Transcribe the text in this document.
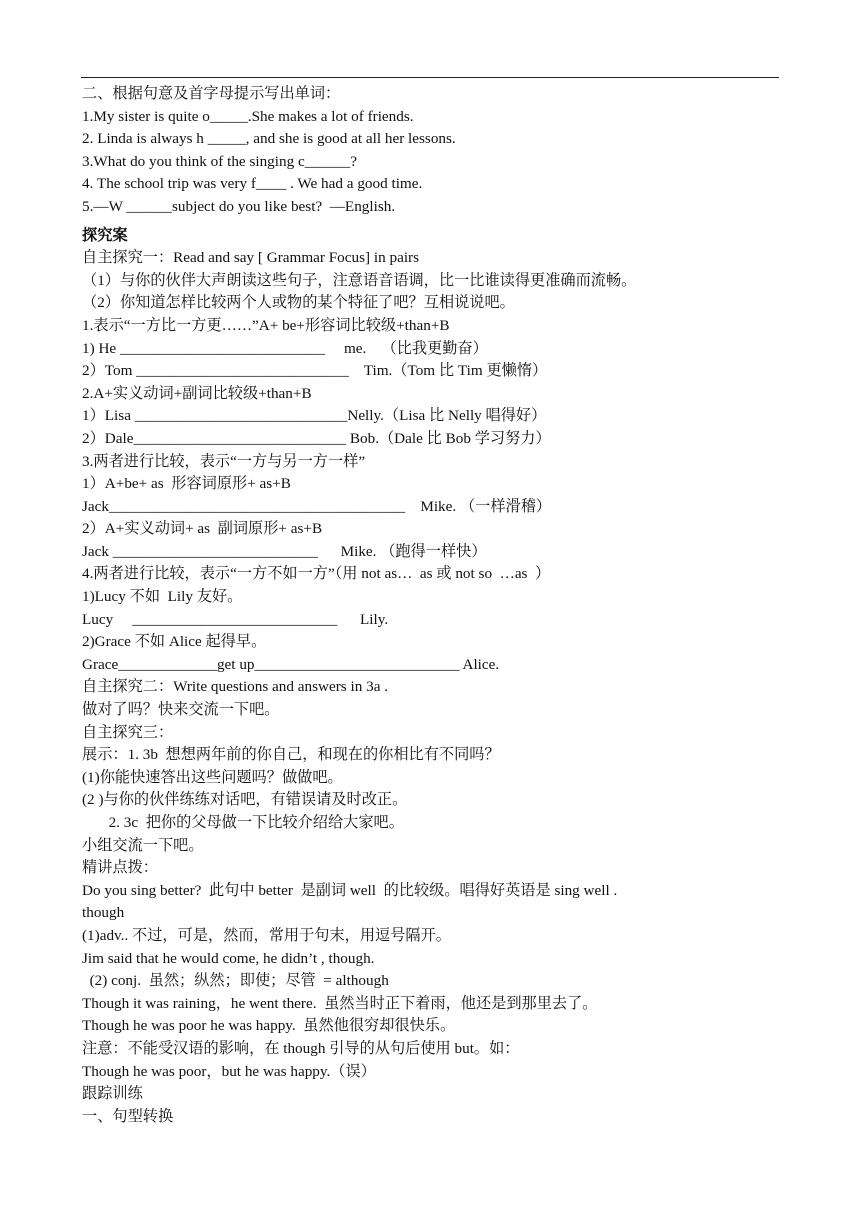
二、根据句意及首字母提示写出单词：
1.My sister is quite o_____.She makes a lot of friends.
2. Linda is always h _____, and she is good at all her lessons.
3.What do you think of the singing c______?
4. The school trip was very f____ . We had a good time.
5.—W ______subject do you like best?  —English.
探究案
自主探究一：Read and say [ Grammar Focus] in pairs
（1）与你的伙伴大声朗读这些句子，注意语音语调，比一比谁读得更准确而流畅。
（2）你知道怎样比较两个人或物的某个特征了吧？互相说说吧。
1.表示“一方比一方更……”A+ be+形容词比较级+than+B
1) He ___________________________     me.    （比我更勤奋）
2）Tom ____________________________    Tim.（Tom 比 Tim 更懒惰）
2.A+实义动词+副词比较级+than+B
1）Lisa ____________________________Nelly.（Lisa 比 Nelly 唱得好）
2）Dale____________________________ Bob.（Dale 比 Bob 学习努力）
3.两者进行比较，表示“一方与另一方一样”
1）A+be+ as  形容词原形+ as+B
Jack_______________________________________    Mike. （一样滑稽）
2）A+实义动词+ as  副词原形+ as+B
Jack ___________________________      Mike. （跑得一样快）
4.两者进行比较，表示“一方不如一方”（用 not as…  as 或 not so  …as  ）
1)Lucy 不如  Lily 友好。
Lucy     ___________________________      Lily.
2)Grace 不如 Alice 起得早。
Grace_____________get up___________________________ Alice.
自主探究二：Write questions and answers in 3a .
做对了吗？快来交流一下吧。
自主探究三：
展示：1. 3b  想想两年前的你自己，和现在的你相比有不同吗？
(1)你能快速答出这些问题吗？做做吧。
(2 )与你的伙伴练练对话吧，有错误请及时改正。
2. 3c  把你的父母做一下比较介绍给大家吧。
小组交流一下吧。
精讲点拨：
Do you sing better?  此句中 better  是副词 well  的比较级。唱得好英语是 sing well .
though
(1)adv.. 不过，可是，然而，常用于句末，用逗号隔开。
Jim said that he would come, he didn’t , though.
(2) conj.  虽然；纵然；即使；尽管  = although
Though it was raining，he went there.  虽然当时正下着雨，他还是到那里去了。
Though he was poor he was happy.  虽然他很穷却很快乐。
注意：不能受汉语的影响，在 though 引导的从句后使用 but。如：
Though he was poor，but he was happy.（误）
跟踪训练
一、句型转换
